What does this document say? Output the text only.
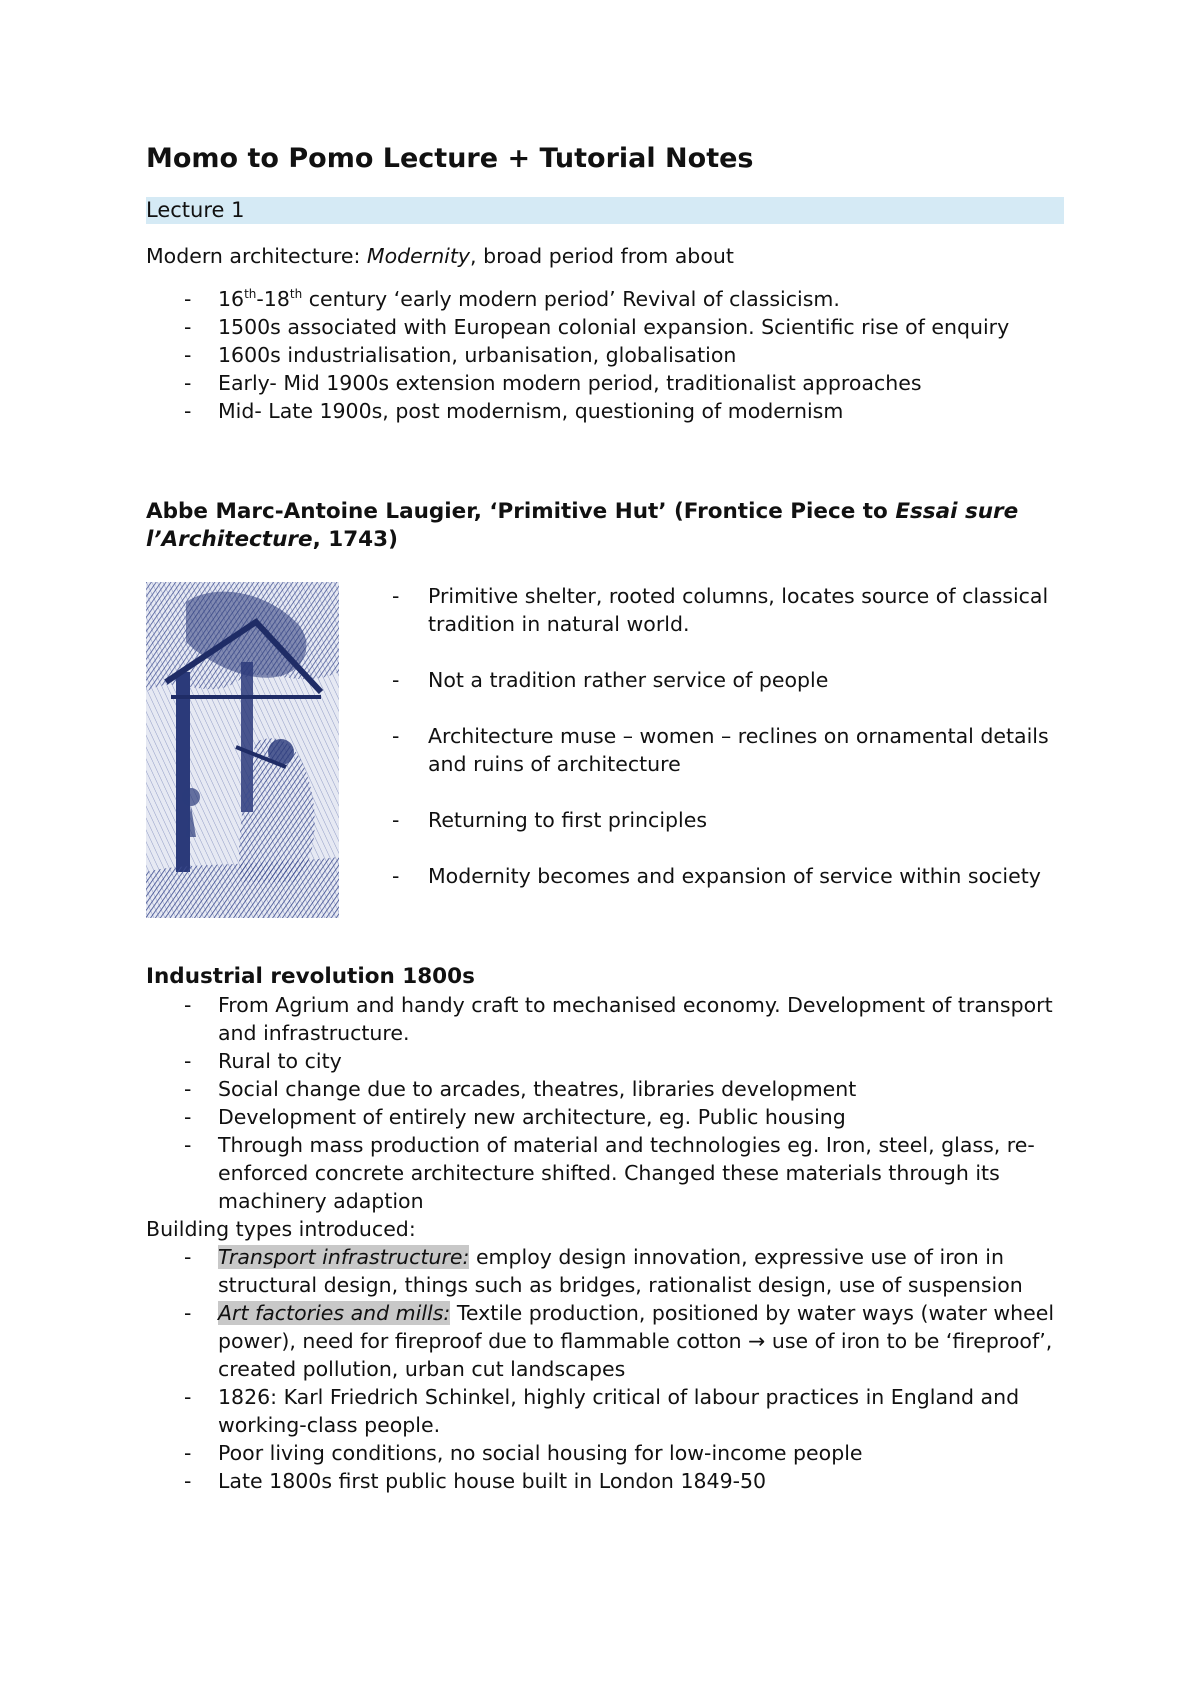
Momo to Pomo Lecture + Tutorial Notes
Lecture 1

Modern architecture: Modernity, broad period from about

- 16th-18th century ‘early modern period’ Revival of classicism.
- 1500s associated with European colonial expansion. Scientific rise of enquiry
- 1600s industrialisation, urbanisation, globalisation
- Early- Mid 1900s extension modern period, traditionalist approaches
- Mid- Late 1900s, post modernism, questioning of modernism
Abbe Marc-Antoine Laugier, ‘Primitive Hut’ (Frontice Piece to Essai sure l’Architecture, 1743)
- Primitive shelter, rooted columns, locates source of classical tradition in natural world.
- Not a tradition rather service of people
- Architecture muse – women – reclines on ornamental details and ruins of architecture
- Returning to first principles
- Modernity becomes and expansion of service within society
Industrial revolution 1800s
- From Agrium and handy craft to mechanised economy. Development of transport and infrastructure.
- Rural to city
- Social change due to arcades, theatres, libraries development
- Development of entirely new architecture, eg. Public housing
- Through mass production of material and technologies eg. Iron, steel, glass, re-enforced concrete architecture shifted. Changed these materials through its machinery adaption

Building types introduced:

- Transport infrastructure: employ design innovation, expressive use of iron in structural design, things such as bridges, rationalist design, use of suspension
- Art factories and mills: Textile production, positioned by water ways (water wheel power), need for fireproof due to flammable cotton → use of iron to be ‘fireproof’, created pollution, urban cut landscapes
- 1826: Karl Friedrich Schinkel, highly critical of labour practices in England and working-class people.
- Poor living conditions, no social housing for low-income people
- Late 1800s first public house built in London 1849-50
